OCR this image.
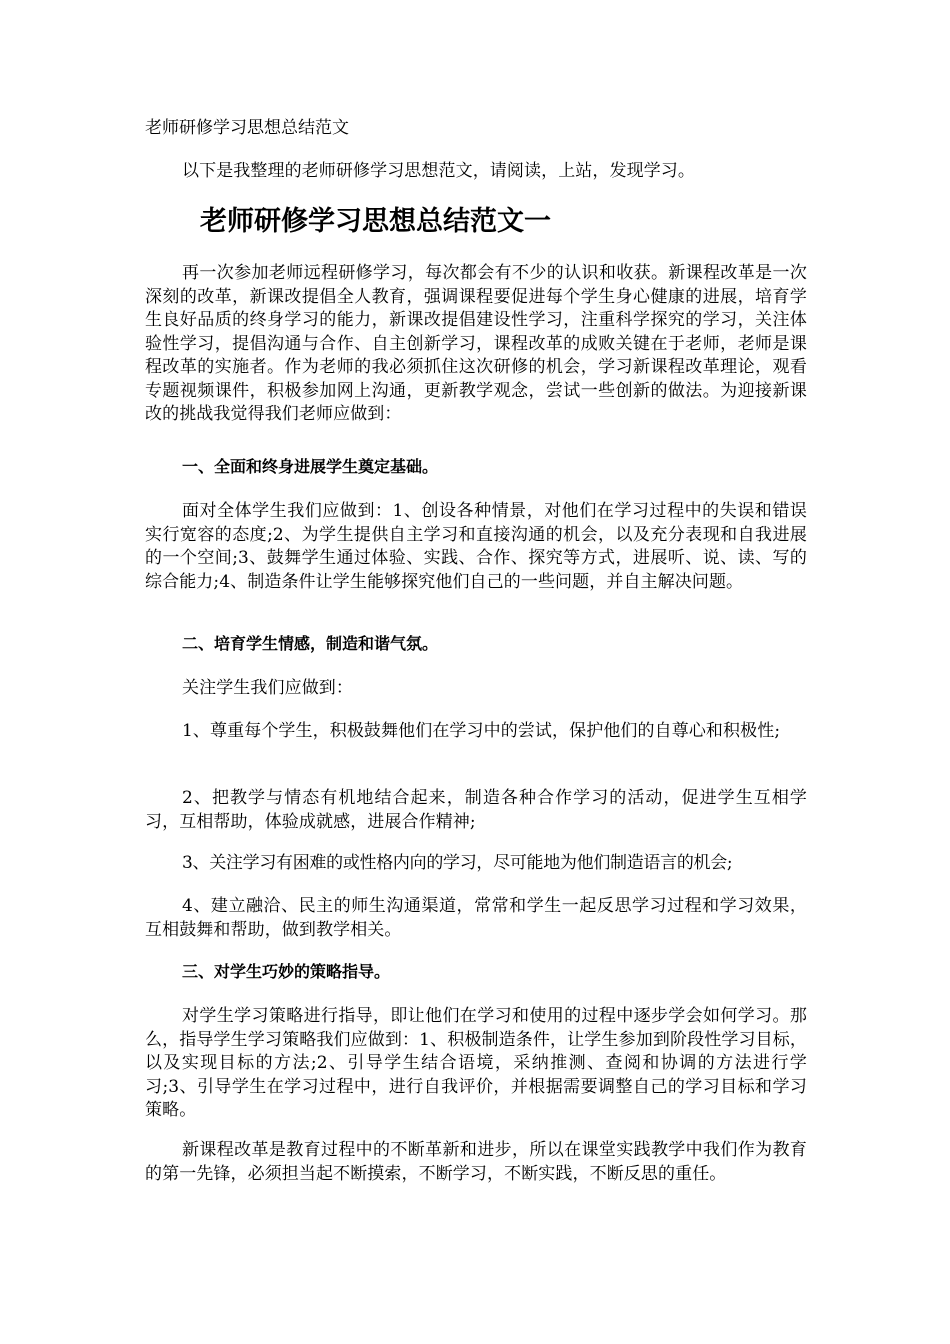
老师研修学习思想总结范文

以下是我整理的老师研修学习思想范文，请阅读，上站，发现学习。

老师研修学习思想总结范文一

再一次参加老师远程研修学习，每次都会有不少的认识和收获。新课程改革是一次深刻的改革，新课改提倡全人教育，强调课程要促进每个学生身心健康的进展，培育学生良好品质的终身学习的能力，新课改提倡建设性学习，注重科学探究的学习，关注体验性学习，提倡沟通与合作、自主创新学习，课程改革的成败关键在于老师，老师是课程改革的实施者。作为老师的我必须抓住这次研修的机会，学习新课程改革理论，观看专题视频课件，积极参加网上沟通，更新教学观念，尝试一些创新的做法。为迎接新课改的挑战我觉得我们老师应做到：

一、全面和终身进展学生奠定基础。

面对全体学生我们应做到：1、创设各种情景，对他们在学习过程中的失误和错误实行宽容的态度;2、为学生提供自主学习和直接沟通的机会，以及充分表现和自我进展的一个空间;3、鼓舞学生通过体验、实践、合作、探究等方式，进展听、说、读、写的综合能力;4、制造条件让学生能够探究他们自己的一些问题，并自主解决问题。

二、培育学生情感，制造和谐气氛。

关注学生我们应做到：

1、尊重每个学生，积极鼓舞他们在学习中的尝试，保护他们的自尊心和积极性;

2、把教学与情态有机地结合起来，制造各种合作学习的活动，促进学生互相学习，互相帮助，体验成就感，进展合作精神;

3、关注学习有困难的或性格内向的学习，尽可能地为他们制造语言的机会;

4、建立融洽、民主的师生沟通渠道，常常和学生一起反思学习过程和学习效果，互相鼓舞和帮助，做到教学相关。

三、对学生巧妙的策略指导。

对学生学习策略进行指导，即让他们在学习和使用的过程中逐步学会如何学习。那么，指导学生学习策略我们应做到：1、积极制造条件，让学生参加到阶段性学习目标，以及实现目标的方法;2、引导学生结合语境，采纳推测、查阅和协调的方法进行学习;3、引导学生在学习过程中，进行自我评价，并根据需要调整自己的学习目标和学习策略。

新课程改革是教育过程中的不断革新和进步，所以在课堂实践教学中我们作为教育的第一先锋，必须担当起不断摸索，不断学习，不断实践，不断反思的重任。
